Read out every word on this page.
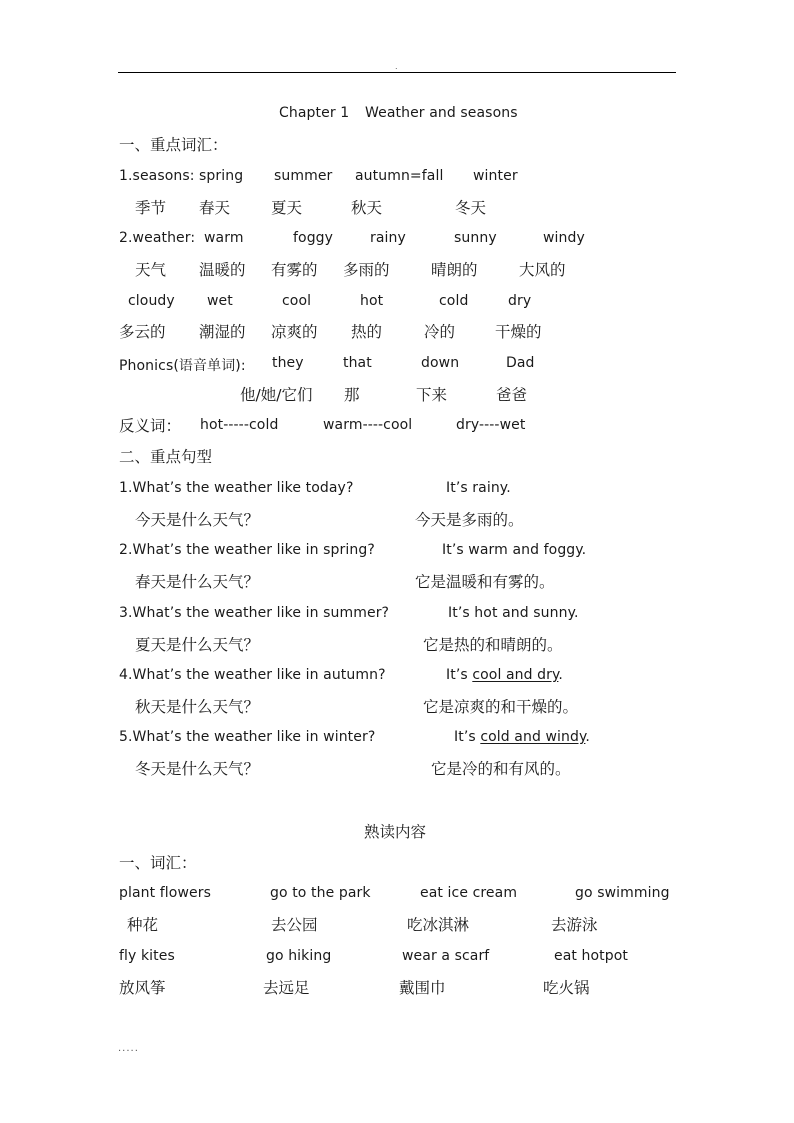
.
Chapter 1 Weather and seasons
一、重点词汇：
1.seasons: spring summer autumn=fall winter
季节 春天	夏天	秋天	冬天
2.weather: warm	foggy	rainy	sunny	windy
天气 温暖的 有雾的 多雨的	晴朗的	大风的
cloudy wet	cool	hot	cold	dry
多云的 潮湿的 凉爽的 热的	冷的	干燥的
Phonics(语音单词): they	that	down	Dad
他/她/它们 那	下来	爸爸
反义词： hot-----cold	warm----cool	dry----wet
二、重点句型
1.What’s the weather like today?	It’s rainy.
今天是什么天气？	今天是多雨的。
2.What’s the weather like in spring?	It’s warm and foggy.
春天是什么天气？	它是温暖和有雾的。
3.What’s the weather like in summer?	It’s hot and sunny.
夏天是什么天气？	它是热的和晴朗的。
4.What’s the weather like in autumn?	It’s cool and dry.
秋天是什么天气？	它是凉爽的和干燥的。
5.What’s the weather like in winter?	It’s cold and windy.
冬天是什么天气？	它是冷的和有风的。
熟读内容
一、词汇：
plant flowers	go to the park	eat ice cream	go swimming
种花	去公园	吃冰淇淋	去游泳
fly kites	go hiking	wear a scarf	eat hotpot
放风筝	去远足	戴围巾	吃火锅
.....
